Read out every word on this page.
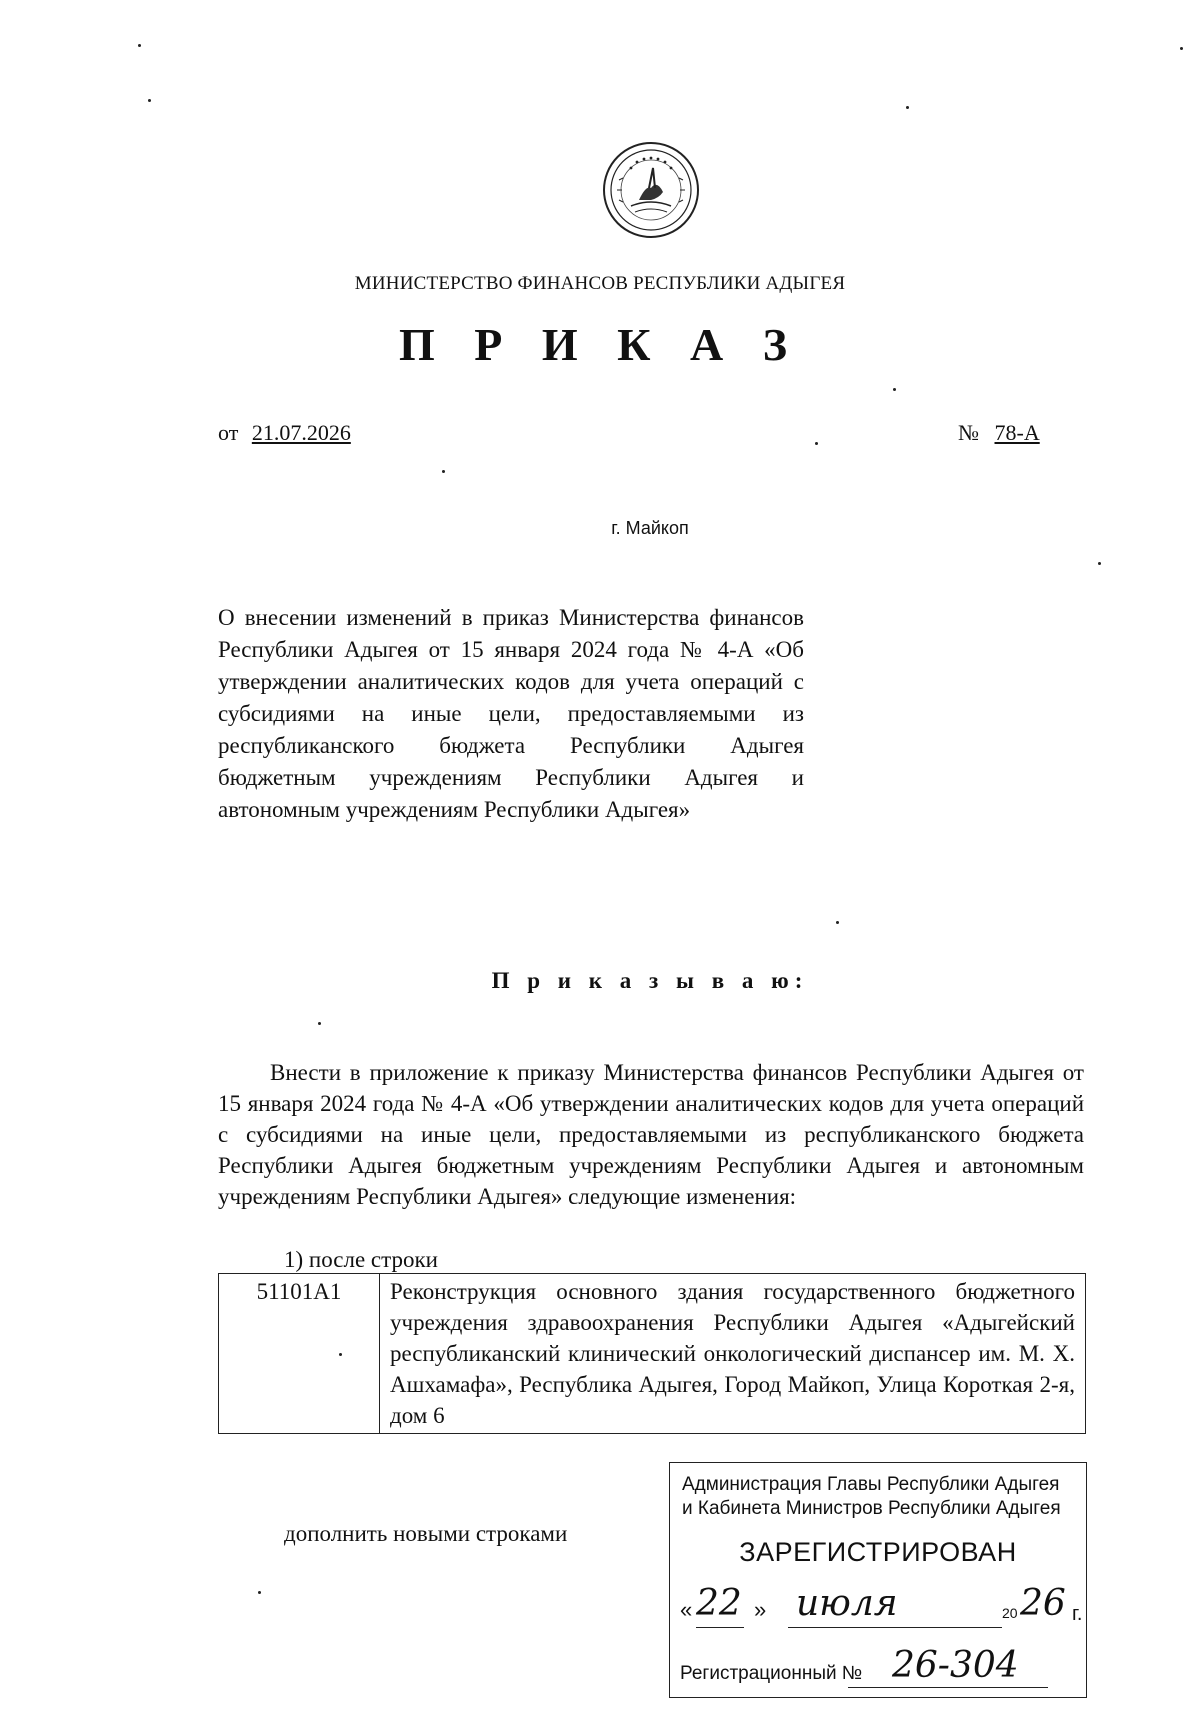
МИНИСТЕРСТВО ФИНАНСОВ РЕСПУБЛИКИ АДЫГЕЯ
П Р И К А З
от 21.07.2026	№ 78-А
г. Майкоп
О внесении изменений в приказ Министерства финансов Республики Адыгея от 15 января 2024 года № 4-А «Об утверждении аналитических кодов для учета операций с субсидиями на иные цели, предоставляемыми из республиканского бюджета Республики Адыгея бюджетным учреждениям Республики Адыгея и автономным учреждениям Республики Адыгея»
П р и к а з ы в а ю:
Внести в приложение к приказу Министерства финансов Республики Адыгея от 15 января 2024 года № 4-А «Об утверждении аналитических кодов для учета операций с субсидиями на иные цели, предоставляемыми из республиканского бюджета Республики Адыгея бюджетным учреждениям Республики Адыгея и автономным учреждениям Республики Адыгея» следующие изменения:
1) после строки
51101А1	Реконструкция основного здания государственного бюджетного учреждения здравоохранения Республики Адыгея «Адыгейский республиканский клинический онкологический диспансер им. М. Х. Ашхамафа», Республика Адыгея, Город Майкоп, Улица Короткая 2-я, дом 6
дополнить новыми строками
Администрация Главы Республики Адыгея
и Кабинета Министров Республики Адыгея
ЗАРЕГИСТРИРОВАН
« 22 » июля	20 26 г.
Регистрационный № 26-304
